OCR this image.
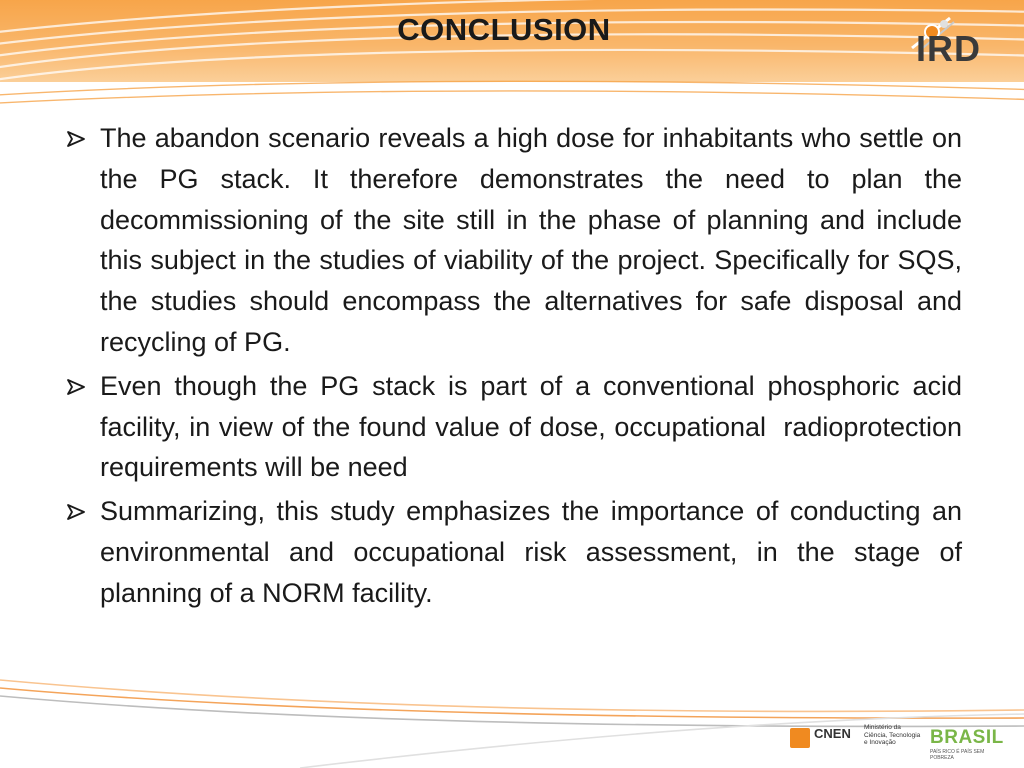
CONCLUSION	IRD

The abandon scenario reveals a high dose for inhabitants who settle on the PG stack. It therefore demonstrates the need to plan the decommissioning of the site still in the phase of planning and include this subject in the studies of viability of the project. Specifically for SQS, the studies should encompass the alternatives for safe disposal and recycling of PG.

Even though the PG stack is part of a conventional phosphoric acid facility, in view of the found value of dose, occupational  radioprotection requirements will be need

Summarizing, this study emphasizes the importance of conducting an environmental and occupational risk assessment, in the stage of planning of a NORM facility.

CNEN Ministério da
Ciência, Tecnologia
e Inovação	BRASIL

PAÍS RICO É PAÍS SEM POBREZA
